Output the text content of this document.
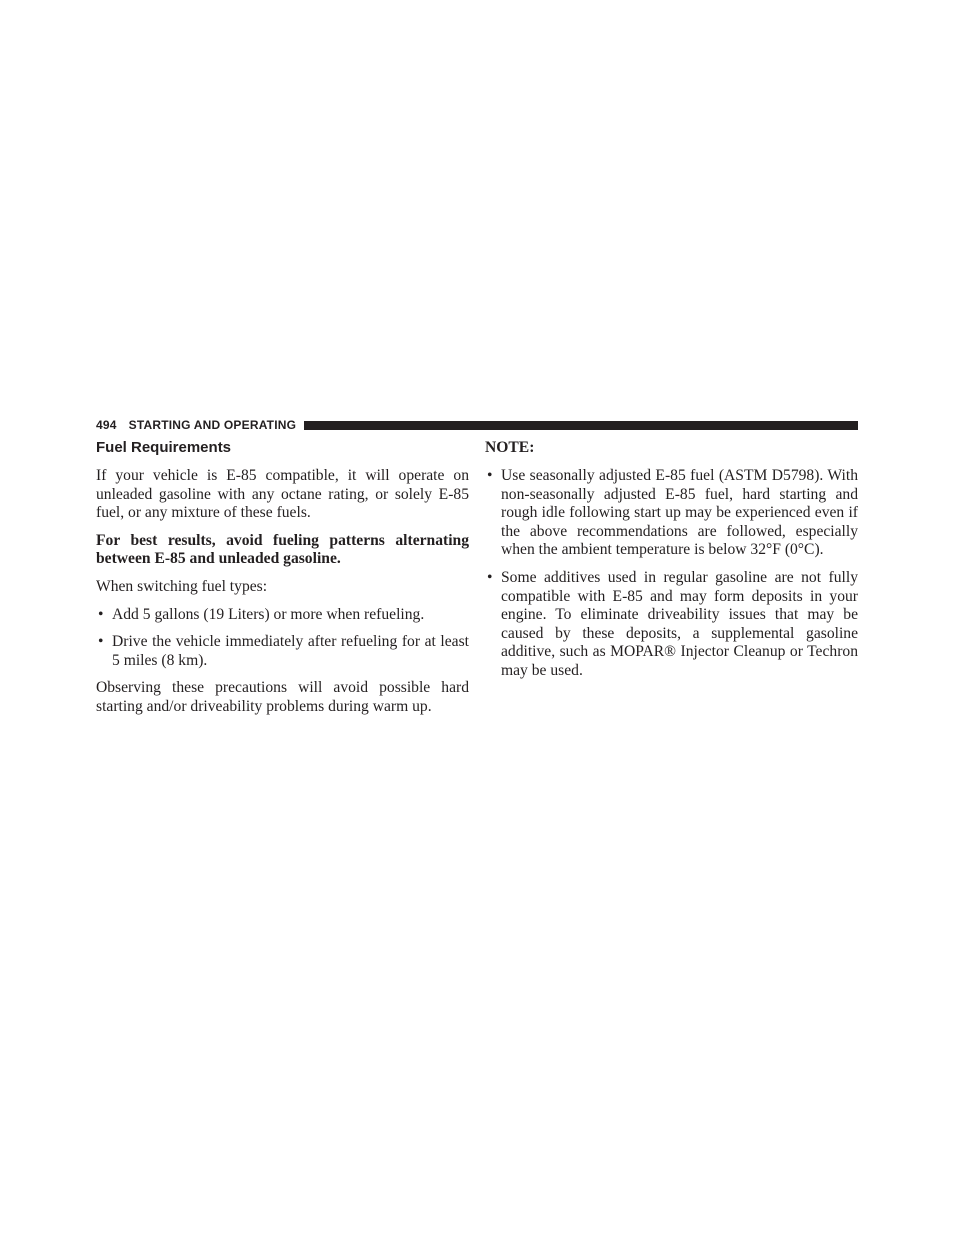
494 STARTING AND OPERATING
Fuel Requirements

If your vehicle is E-85 compatible, it will operate on unleaded gasoline with any octane rating, or solely E-85 fuel, or any mixture of these fuels.

For best results, avoid fueling patterns alternating between E-85 and unleaded gasoline.

When switching fuel types:

• Add 5 gallons (19 Liters) or more when refueling.
• Drive the vehicle immediately after refueling for at least 5 miles (8 km).

Observing these precautions will avoid possible hard starting and/or driveability problems during warm up.

NOTE:
• Use seasonally adjusted E-85 fuel (ASTM D5798). With non-seasonally adjusted E-85 fuel, hard starting and rough idle following start up may be experienced even if the above recommendations are followed, especially when the ambient temperature is below 32°F (0°C).
• Some additives used in regular gasoline are not fully compatible with E-85 and may form deposits in your engine. To eliminate driveability issues that may be caused by these deposits, a supplemental gasoline additive, such as MOPAR® Injector Cleanup or Techron may be used.
